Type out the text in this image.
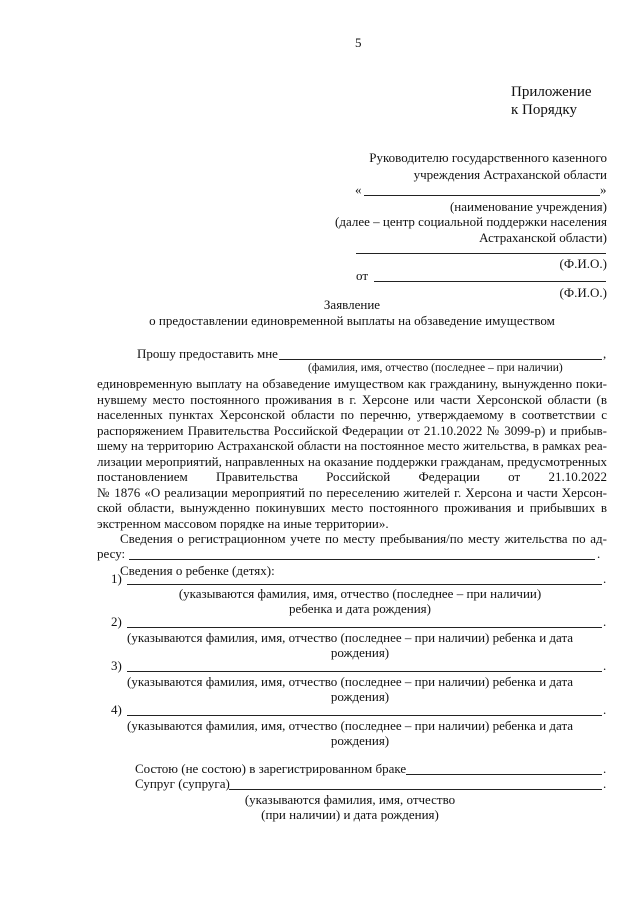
5
Приложение
к Порядку
Руководителю государственного казенного
учреждения Астраханской области
«	»
(наименование учреждения)
(далее – центр социальной поддержки населения
Астраханской области)
(Ф.И.О.)
от
(Ф.И.О.)
Заявление
о предоставлении единовременной выплаты на обзаведение имуществом
Прошу предоставить мне	,
(фамилия, имя, отчество (последнее – при наличии)
единовременную выплату на обзаведение имуществом как гражданину, вынужденно поки-
нувшему место постоянного проживания в г. Херсоне или части Херсонской области (в
населенных пунктах Херсонской области по перечню, утверждаемому в соответствии с
распоряжением Правительства Российской Федерации от 21.10.2022 № 3099-р) и прибыв-
шему на территорию Астраханской области на постоянное место жительства, в рамках реа-
лизации мероприятий, направленных на оказание поддержки гражданам, предусмотренных
постановлением Правительства Российской Федерации от 21.10.2022
№ 1876 «О реализации мероприятий по переселению жителей г. Херсона и части Херсон-
ской области, вынужденно покинувших место постоянного проживания и прибывших в
экстренном массовом порядке на иные территории».
Сведения о регистрационном учете по месту пребывания/по месту жительства по ад-
ресу:	.
Сведения о ребенке (детях):
1)	.
(указываются фамилия, имя, отчество (последнее – при наличии)
ребенка и дата рождения)
2)	.
(указываются фамилия, имя, отчество (последнее – при наличии) ребенка и дата
рождения)
3)	.
(указываются фамилия, имя, отчество (последнее – при наличии) ребенка и дата
рождения)
4)	.
(указываются фамилия, имя, отчество (последнее – при наличии) ребенка и дата
рождения)
Состою (не состою) в зарегистрированном браке	.
Супруг (супруга)	.
(указываются фамилия, имя, отчество
(при наличии) и дата рождения)
